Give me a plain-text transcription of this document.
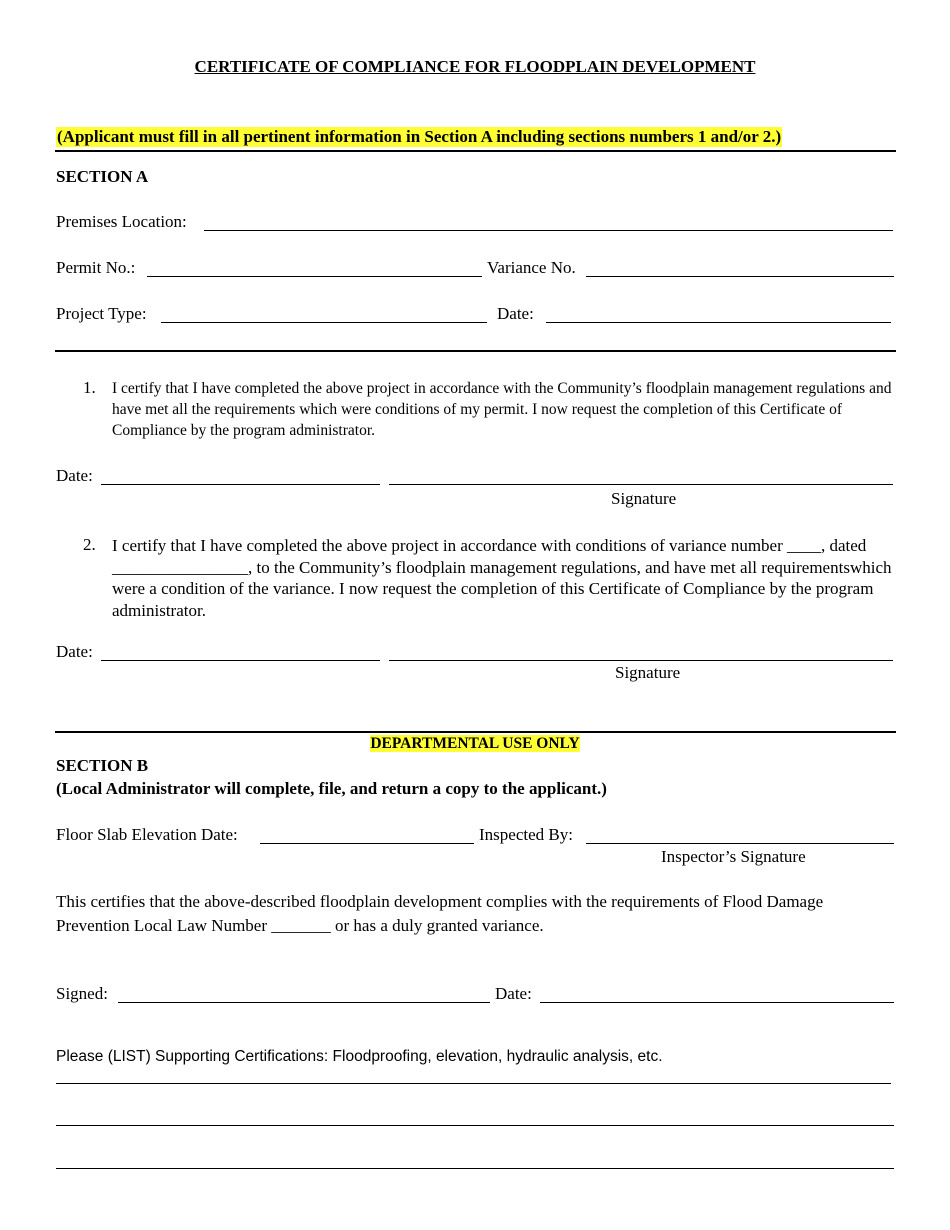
CERTIFICATE OF COMPLIANCE FOR FLOODPLAIN DEVELOPMENT
(Applicant must fill in all pertinent information in Section A including sections numbers 1 and/or 2.)
SECTION A
Premises Location:
Permit No.:	Variance No.
Project Type:	Date:
1. I certify that I have completed the above project in accordance with the Community’s floodplain management regulations and have met all the requirements which were conditions of my permit. I now request the completion of this Certificate of Compliance by the program administrator.
Date:
Signature
2. I certify that I have completed the above project in accordance with conditions of variance number ____, dated ________________, to the Community’s floodplain management regulations, and have met all requirementswhich were a condition of the variance. I now request the completion of this Certificate of Compliance by the program administrator.
Date:
Signature
DEPARTMENTAL USE ONLY
SECTION B
(Local Administrator will complete, file, and return a copy to the applicant.)
Floor Slab Elevation Date:	Inspected By:
Inspector’s Signature
This certifies that the above-described floodplain development complies with the requirements of Flood Damage Prevention Local Law Number _______ or has a duly granted variance.
Signed:	Date:
Please (LIST) Supporting Certifications: Floodproofing, elevation, hydraulic analysis, etc.
